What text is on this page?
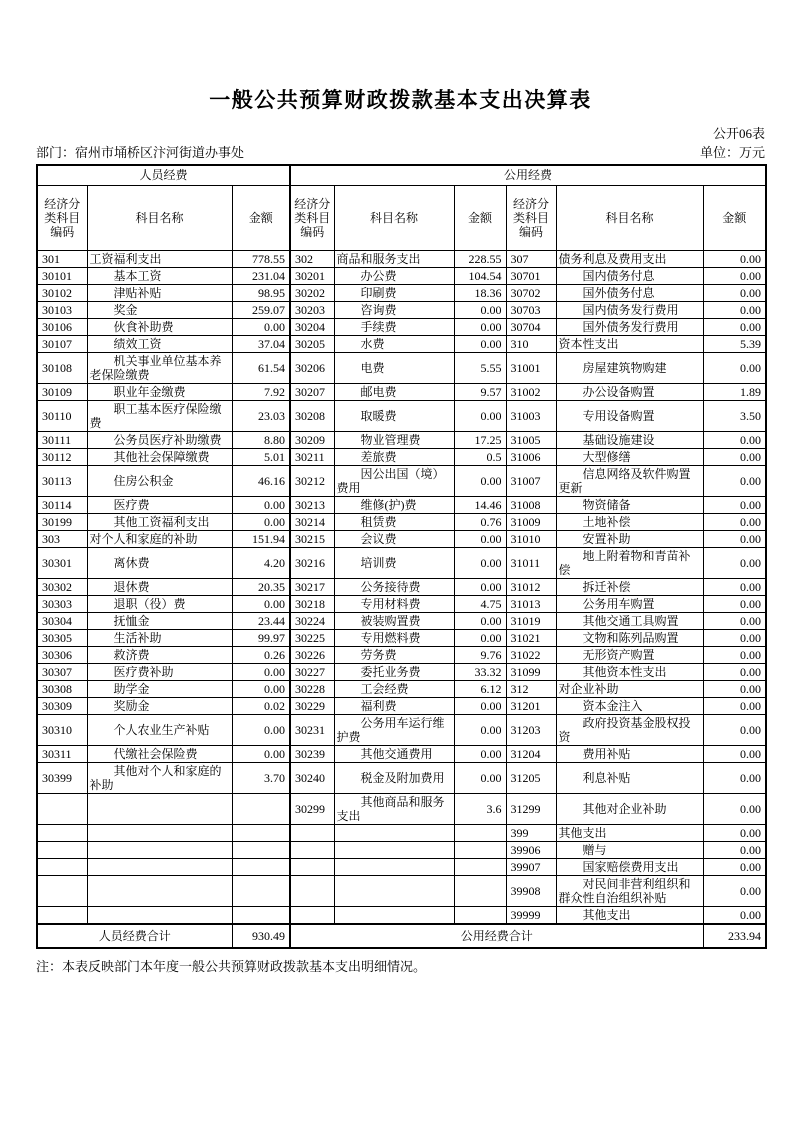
一般公共预算财政拨款基本支出决算表
公开06表
部门：宿州市埇桥区汴河街道办事处	单位：万元
人员经费			公用经费					
经济分类科目编码	科目名称	金额	经济分类科目编码	科目名称	金额	经济分类科目编码	科目名称	金额
301	工资福利支出	778.55	302	商品和服务支出	228.55	307	债务利息及费用支出	0.00
30101	基本工资	231.04	30201	办公费	104.54	30701	国内债务付息	0.00
30102	津贴补贴	98.95	30202	印刷费	18.36	30702	国外债务付息	0.00
30103	奖金	259.07	30203	咨询费	0.00	30703	国内债务发行费用	0.00
30106	伙食补助费	0.00	30204	手续费	0.00	30704	国外债务发行费用	0.00
30107	绩效工资	37.04	30205	水费	0.00	310	资本性支出	5.39
30108	机关事业单位基本养老保险缴费	61.54	30206	电费	5.55	31001	房屋建筑物购建	0.00
30109	职业年金缴费	7.92	30207	邮电费	9.57	31002	办公设备购置	1.89
30110	职工基本医疗保险缴费	23.03	30208	取暖费	0.00	31003	专用设备购置	3.50
30111	公务员医疗补助缴费	8.80	30209	物业管理费	17.25	31005	基础设施建设	0.00
30112	其他社会保障缴费	5.01	30211	差旅费	0.5	31006	大型修缮	0.00
30113	住房公积金	46.16	30212	因公出国（境）费用	0.00	31007	信息网络及软件购置更新	0.00
30114	医疗费	0.00	30213	维修(护)费	14.46	31008	物资储备	0.00
30199	其他工资福利支出	0.00	30214	租赁费	0.76	31009	土地补偿	0.00
303	对个人和家庭的补助	151.94	30215	会议费	0.00	31010	安置补助	0.00
30301	离休费	4.20	30216	培训费	0.00	31011	地上附着物和青苗补偿	0.00
30302	退休费	20.35	30217	公务接待费	0.00	31012	拆迁补偿	0.00
30303	退职（役）费	0.00	30218	专用材料费	4.75	31013	公务用车购置	0.00
30304	抚恤金	23.44	30224	被装购置费	0.00	31019	其他交通工具购置	0.00
30305	生活补助	99.97	30225	专用燃料费	0.00	31021	文物和陈列品购置	0.00
30306	救济费	0.26	30226	劳务费	9.76	31022	无形资产购置	0.00
30307	医疗费补助	0.00	30227	委托业务费	33.32	31099	其他资本性支出	0.00
30308	助学金	0.00	30228	工会经费	6.12	312	对企业补助	0.00
30309	奖励金	0.02	30229	福利费	0.00	31201	资本金注入	0.00
30310	个人农业生产补贴	0.00	30231	公务用车运行维护费	0.00	31203	政府投资基金股权投资	0.00
30311	代缴社会保险费	0.00	30239	其他交通费用	0.00	31204	费用补贴	0.00
30399	其他对个人和家庭的补助	3.70	30240	税金及附加费用	0.00	31205	利息补贴	0.00
			30299	其他商品和服务支出	3.6	31299	其他对企业补助	0.00
						399	其他支出	0.00
						39906	赠与	0.00
						39907	国家赔偿费用支出	0.00
						39908	对民间非营利组织和群众性自治组织补贴	0.00
						39999	其他支出	0.00
人员经费合计		930.49	公用经费合计					233.94
注：本表反映部门本年度一般公共预算财政拨款基本支出明细情况。
